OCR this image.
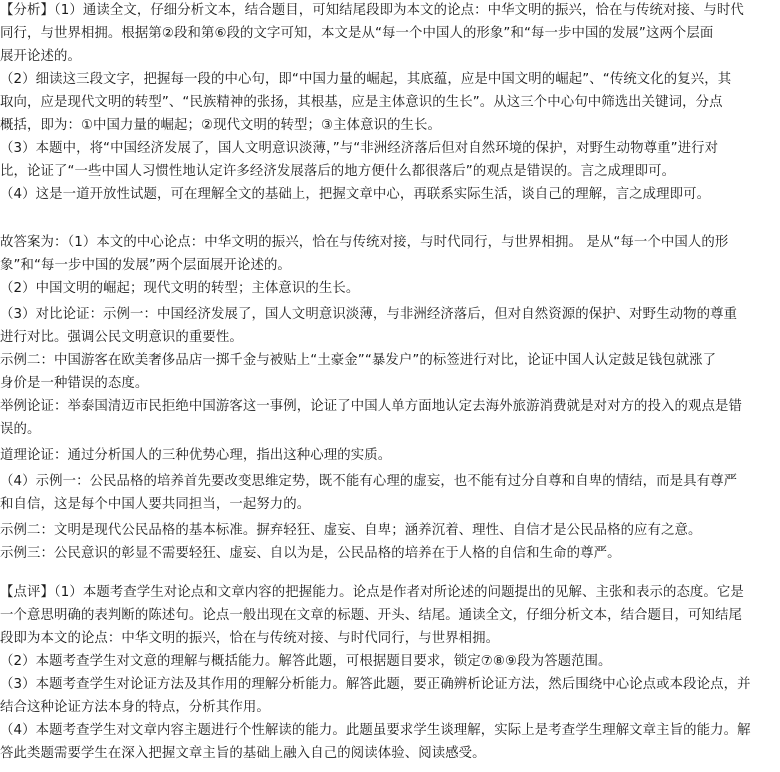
【分析】（1）通读全文，仔细分析文本，结合题目，可知结尾段即为本文的论点：中华文明的振兴，恰在与传统对接、与时代
同行，与世界相拥。根据第②段和第⑥段的文字可知，本文是从“每一个中国人的形象”和“每一步中国的发展”这两个层面
展开论述的。
（2）细读这三段文字，把握每一段的中心句，即“中国力量的崛起，其底蕴，应是中国文明的崛起”、“传统文化的复兴，其
取向，应是现代文明的转型”、“民族精神的张扬，其根基，应是主体意识的生长”。从这三个中心句中筛选出关键词，分点
概括，即为：①中国力量的崛起；②现代文明的转型；③主体意识的生长。
（3）本题中，将“中国经济发展了，国人文明意识淡薄，”与“非洲经济落后但对自然环境的保护，对野生动物尊重”进行对
比，论证了“一些中国人习惯性地认定许多经济发展落后的地方便什么都很落后”的观点是错误的。言之成理即可。
（4）这是一道开放性试题，可在理解全文的基础上，把握文章中心，再联系实际生活，谈自己的理解，言之成理即可。
故答案为：（1）本文的中心论点：中华文明的振兴，恰在与传统对接，与时代同行，与世界相拥。 是从“每一个中国人的形
象”和“每一步中国的发展”两个层面展开论述的。
（2）中国文明的崛起；现代文明的转型；主体意识的生长。
（3）对比论证：示例一：中国经济发展了，国人文明意识淡薄，与非洲经济落后，但对自然资源的保护、对野生动物的尊重
进行对比。强调公民文明意识的重要性。
示例二：中国游客在欧美奢侈品店一掷千金与被贴上“土豪金”“暴发户”的标签进行对比，论证中国人认定鼓足钱包就涨了
身价是一种错误的态度。
举例论证：举泰国清迈市民拒绝中国游客这一事例，论证了中国人单方面地认定去海外旅游消费就是对对方的投入的观点是错
误的。
道理论证：通过分析国人的三种优势心理，指出这种心理的实质。
（4）示例一：公民品格的培养首先要改变思维定势，既不能有心理的虚妄，也不能有过分自尊和自卑的情结，而是具有尊严
和自信，这是每个中国人要共同担当，一起努力的。
示例二：文明是现代公民品格的基本标准。摒弃轻狂、虚妄、自卑；涵养沉着、理性、自信才是公民品格的应有之意。
示例三：公民意识的彰显不需要轻狂、虚妄、自以为是，公民品格的培养在于人格的自信和生命的尊严。
【点评】（1）本题考查学生对论点和文章内容的把握能力。论点是作者对所论述的问题提出的见解、主张和表示的态度。它是
一个意思明确的表判断的陈述句。论点一般出现在文章的标题、开头、结尾。通读全文，仔细分析文本，结合题目，可知结尾
段即为本文的论点：中华文明的振兴，恰在与传统对接、与时代同行，与世界相拥。
（2）本题考查学生对文意的理解与概括能力。解答此题，可根据题目要求，锁定⑦⑧⑨段为答题范围。
（3）本题考查学生对论证方法及其作用的理解分析能力。解答此题，要正确辨析论证方法，然后围绕中心论点或本段论点，并
结合这种论证方法本身的特点，分析其作用。
（4）本题考查学生对文章内容主题进行个性解读的能力。此题虽要求学生谈理解，实际上是考查学生理解文章主旨的能力。解
答此类题需要学生在深入把握文章主旨的基础上融入自己的阅读体验、阅读感受。
